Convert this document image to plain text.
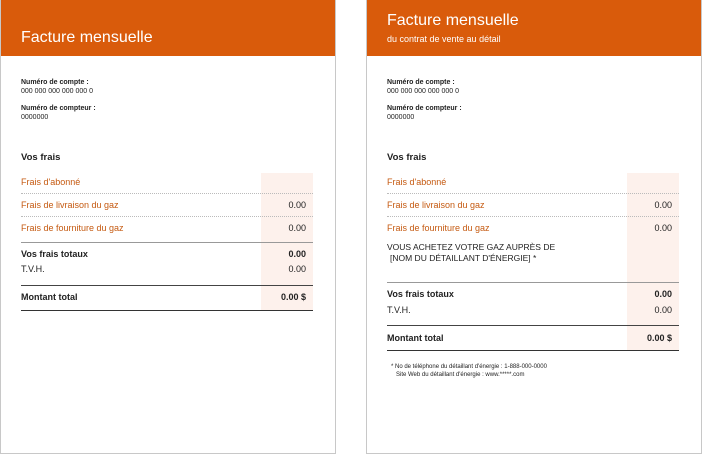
Facture mensuelle
Numéro de compte :
000 000 000 000 000 0
Numéro de compteur :
0000000
Vos frais
Frais d'abonné
Frais de livraison du gaz	0.00
Frais de fourniture du gaz	0.00
Vos frais totaux	0.00
T.V.H.	0.00
Montant total	0.00 $
Facture mensuelle
du contrat de vente au détail
Numéro de compte :
000 000 000 000 000 0
Numéro de compteur :
0000000
Vos frais
Frais d'abonné
Frais de livraison du gaz	0.00
Frais de fourniture du gaz	0.00
VOUS ACHETEZ VOTRE GAZ AUPRÈS DE
[NOM DU DÉTAILLANT D'ÉNERGIE] *
Vos frais totaux	0.00
T.V.H.	0.00
Montant total	0.00 $
* No de téléphone du détaillant d'énergie : 1-888-000-0000
Site Web du détaillant d'énergie : www.*****.com
